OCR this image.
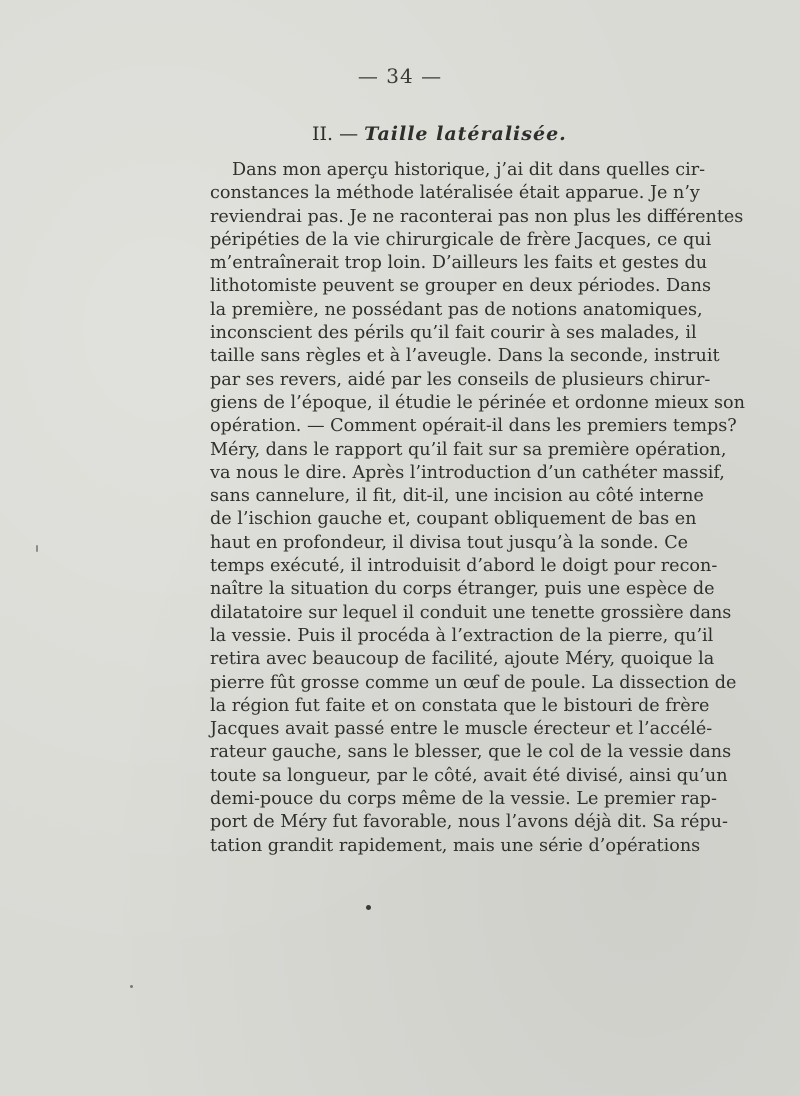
— 34 —
II. — Taille latéralisée.
Dans mon aperçu historique, j’ai dit dans quelles cir-
constances la méthode latéralisée était apparue. Je n’y
reviendrai pas. Je ne raconterai pas non plus les différentes
péripéties de la vie chirurgicale de frère Jacques, ce qui
m’entraînerait trop loin. D’ailleurs les faits et gestes du
lithotomiste peuvent se grouper en deux périodes. Dans
la première, ne possédant pas de notions anatomiques,
inconscient des périls qu’il fait courir à ses malades, il
taille sans règles et à l’aveugle. Dans la seconde, instruit
par ses revers, aidé par les conseils de plusieurs chirur-
giens de l’époque, il étudie le périnée et ordonne mieux son
opération. — Comment opérait-il dans les premiers temps?
Méry, dans le rapport qu’il fait sur sa première opération,
va nous le dire. Après l’introduction d’un cathéter massif,
sans cannelure, il fit, dit-il, une incision au côté interne
de l’ischion gauche et, coupant obliquement de bas en
haut en profondeur, il divisa tout jusqu’à la sonde. Ce
temps exécuté, il introduisit d’abord le doigt pour recon-
naître la situation du corps étranger, puis une espèce de
dilatatoire sur lequel il conduit une tenette grossière dans
la vessie. Puis il procéda à l’extraction de la pierre, qu’il
retira avec beaucoup de facilité, ajoute Méry, quoique la
pierre fût grosse comme un œuf de poule. La dissection de
la région fut faite et on constata que le bistouri de frère
Jacques avait passé entre le muscle érecteur et l’accélé-
rateur gauche, sans le blesser, que le col de la vessie dans
toute sa longueur, par le côté, avait été divisé, ainsi qu’un
demi-pouce du corps même de la vessie. Le premier rap-
port de Méry fut favorable, nous l’avons déjà dit. Sa répu-
tation grandit rapidement, mais une série d’opérations
